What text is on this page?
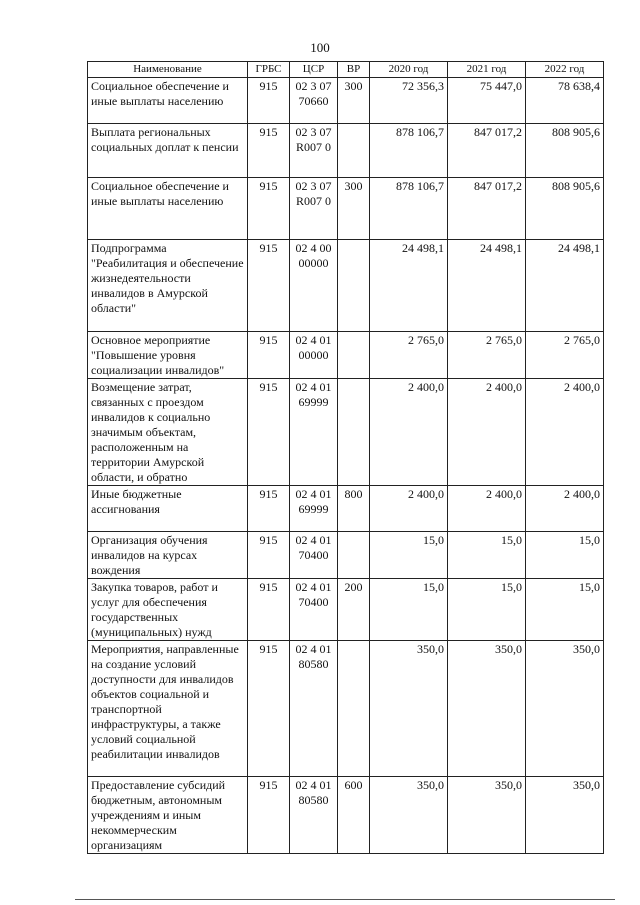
100
Наименование	ГРБС	ЦСР	ВР	2020 год	2021 год	2022 год
Социальное обеспечение и иные выплаты населению	915	02 3 07 70660	300	72 356,3	75 447,0	78 638,4
Выплата региональных социальных доплат к пенсии	915	02 3 07 R007 0		878 106,7	847 017,2	808 905,6
Социальное обеспечение и иные выплаты населению	915	02 3 07 R007 0	300	878 106,7	847 017,2	808 905,6
Подпрограмма "Реабилитация и обеспечение жизнедеятельности инвалидов в Амурской области"	915	02 4 00 00000		24 498,1	24 498,1	24 498,1
Основное мероприятие "Повышение уровня социализации инвалидов"	915	02 4 01 00000		2 765,0	2 765,0	2 765,0
Возмещение затрат, связанных с проездом инвалидов к социально значимым объектам, расположенным на территории Амурской области, и обратно	915	02 4 01 69999		2 400,0	2 400,0	2 400,0
Иные бюджетные ассигнования	915	02 4 01 69999	800	2 400,0	2 400,0	2 400,0
Организация обучения инвалидов на курсах вождения	915	02 4 01 70400		15,0	15,0	15,0
Закупка товаров, работ и услуг для обеспечения государственных (муниципальных) нужд	915	02 4 01 70400	200	15,0	15,0	15,0
Мероприятия, направленные на создание условий доступности для инвалидов объектов социальной и транспортной инфраструктуры, а также условий социальной реабилитации инвалидов	915	02 4 01 80580		350,0	350,0	350,0
Предоставление субсидий бюджетным, автономным учреждениям и иным некоммерческим организациям	915	02 4 01 80580	600	350,0	350,0	350,0
